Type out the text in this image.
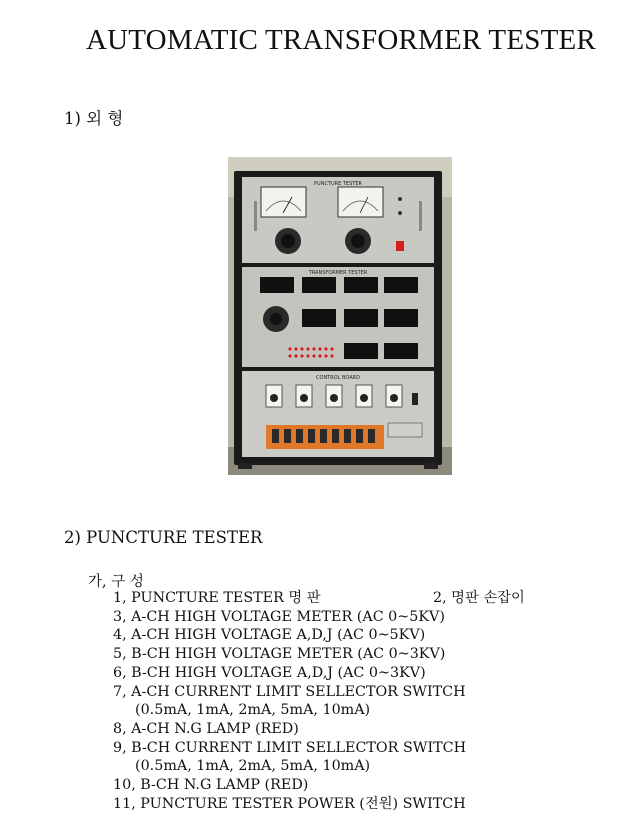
AUTOMATIC TRANSFORMER TESTER
1) 외 형
PUNCTURE TESTER
TRANSFORMER TESTER
CONTROL BOARD
2) PUNCTURE TESTER
가, 구 성
1, PUNCTURE TESTER 명 판	2, 명판 손잡이
3, A-CH HIGH VOLTAGE METER (AC 0~5KV)
4, A-CH HIGH VOLTAGE A,D,J (AC 0~5KV)
5, B-CH HIGH VOLTAGE METER (AC 0~3KV)
6, B-CH HIGH VOLTAGE A,D,J (AC 0~3KV)
7, A-CH CURRENT LIMIT SELLECTOR SWITCH
(0.5mA, 1mA, 2mA, 5mA, 10mA)
8, A-CH N.G LAMP (RED)
9, B-CH CURRENT LIMIT SELLECTOR SWITCH
(0.5mA, 1mA, 2mA, 5mA, 10mA)
10, B-CH N.G LAMP (RED)
11, PUNCTURE TESTER POWER (전원) SWITCH
